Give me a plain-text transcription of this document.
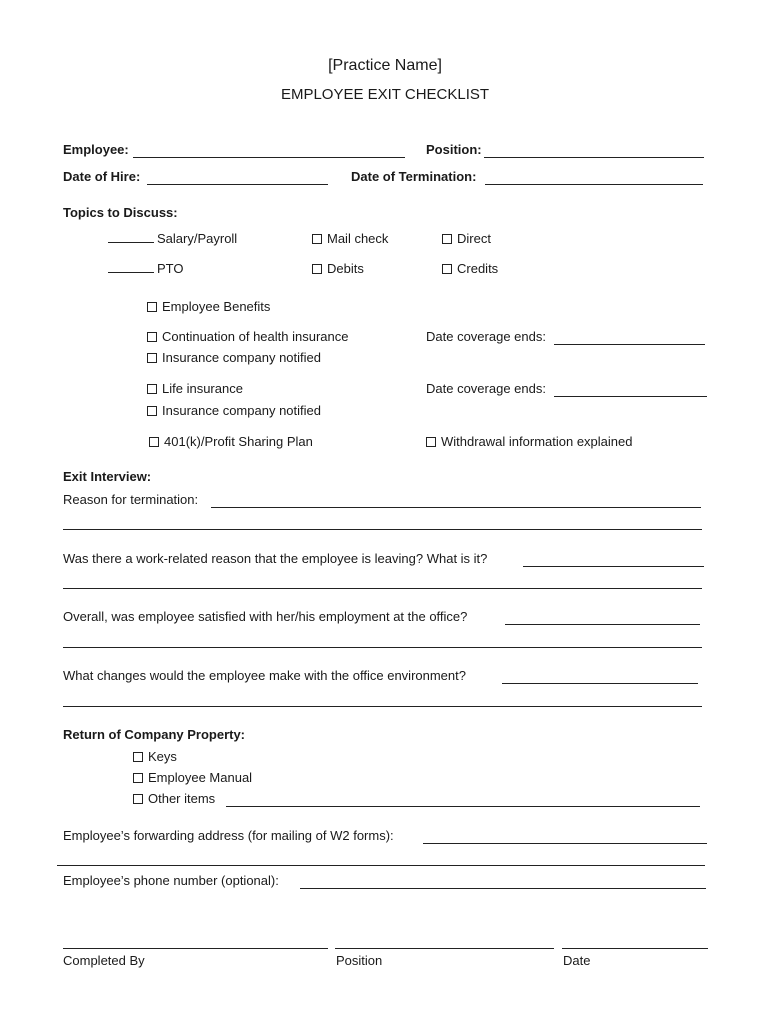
[Practice Name]
EMPLOYEE EXIT CHECKLIST
Employee:	Position:
Date of Hire:	Date of Termination:
Topics to Discuss:
Salary/Payroll	Mail check	Direct
PTO	Debits	Credits
Employee Benefits
Continuation of health insurance	Date coverage ends:
Insurance company notified
Life insurance	Date coverage ends:
Insurance company notified
401(k)/Profit Sharing Plan	Withdrawal information explained
Exit Interview:
Reason for termination:
Was there a work-related reason that the employee is leaving? What is it?
Overall, was employee satisfied with her/his employment at the office?
What changes would the employee make with the office environment?
Return of Company Property:
Keys
Employee Manual
Other items
Employee’s forwarding address (for mailing of W2 forms):
Employee’s phone number (optional):
Completed By	Position	Date
